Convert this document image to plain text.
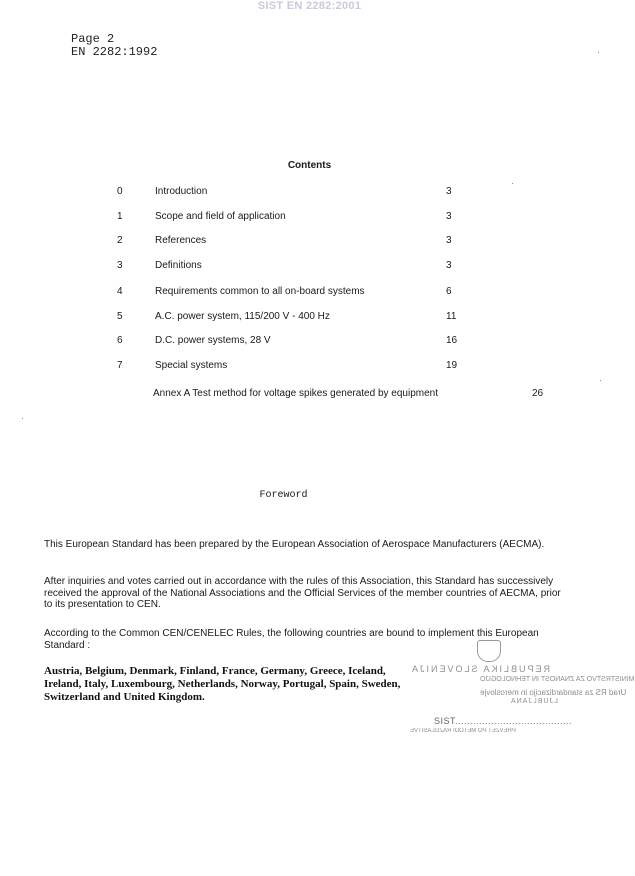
SIST EN 2282:2001
Page 2
EN 2282:1992
Contents
0	Introduction	3
1	Scope and field of application	3
2	References	3
3	Definitions	3
4	Requirements common to all on-board systems	6
5	A.C. power system, 115/200 V - 400 Hz	11
6	D.C. power systems, 28 V	16
7	Special systems	19
Annex A Test method for voltage spikes generated by equipment	26
Foreword
This European Standard has been prepared by the European Association of Aerospace Manufacturers (AECMA).
After inquiries and votes carried out in accordance with the rules of this Association, this Standard has successively received the approval of the National Associations and the Official Services of the member countries of AECMA, prior to its presentation to CEN.
According to the Common CEN/CENELEC Rules, the following countries are bound to implement this European Standard :
Austria, Belgium, Denmark, Finland, France, Germany, Greece, Iceland, Ireland, Italy, Luxembourg, Netherlands, Norway, Portugal, Spain, Sweden, Switzerland and United Kingdom.
REPUBLIKA SLOVENIJA
MINISTRSTVO ZA ZNANOST IN TEHNOLOGIJO
Urad RS za standardizacijo in meroslovje
LJUBLJANA
SIST.......................................
PREVZET PO METODI RAZGLASITVE
